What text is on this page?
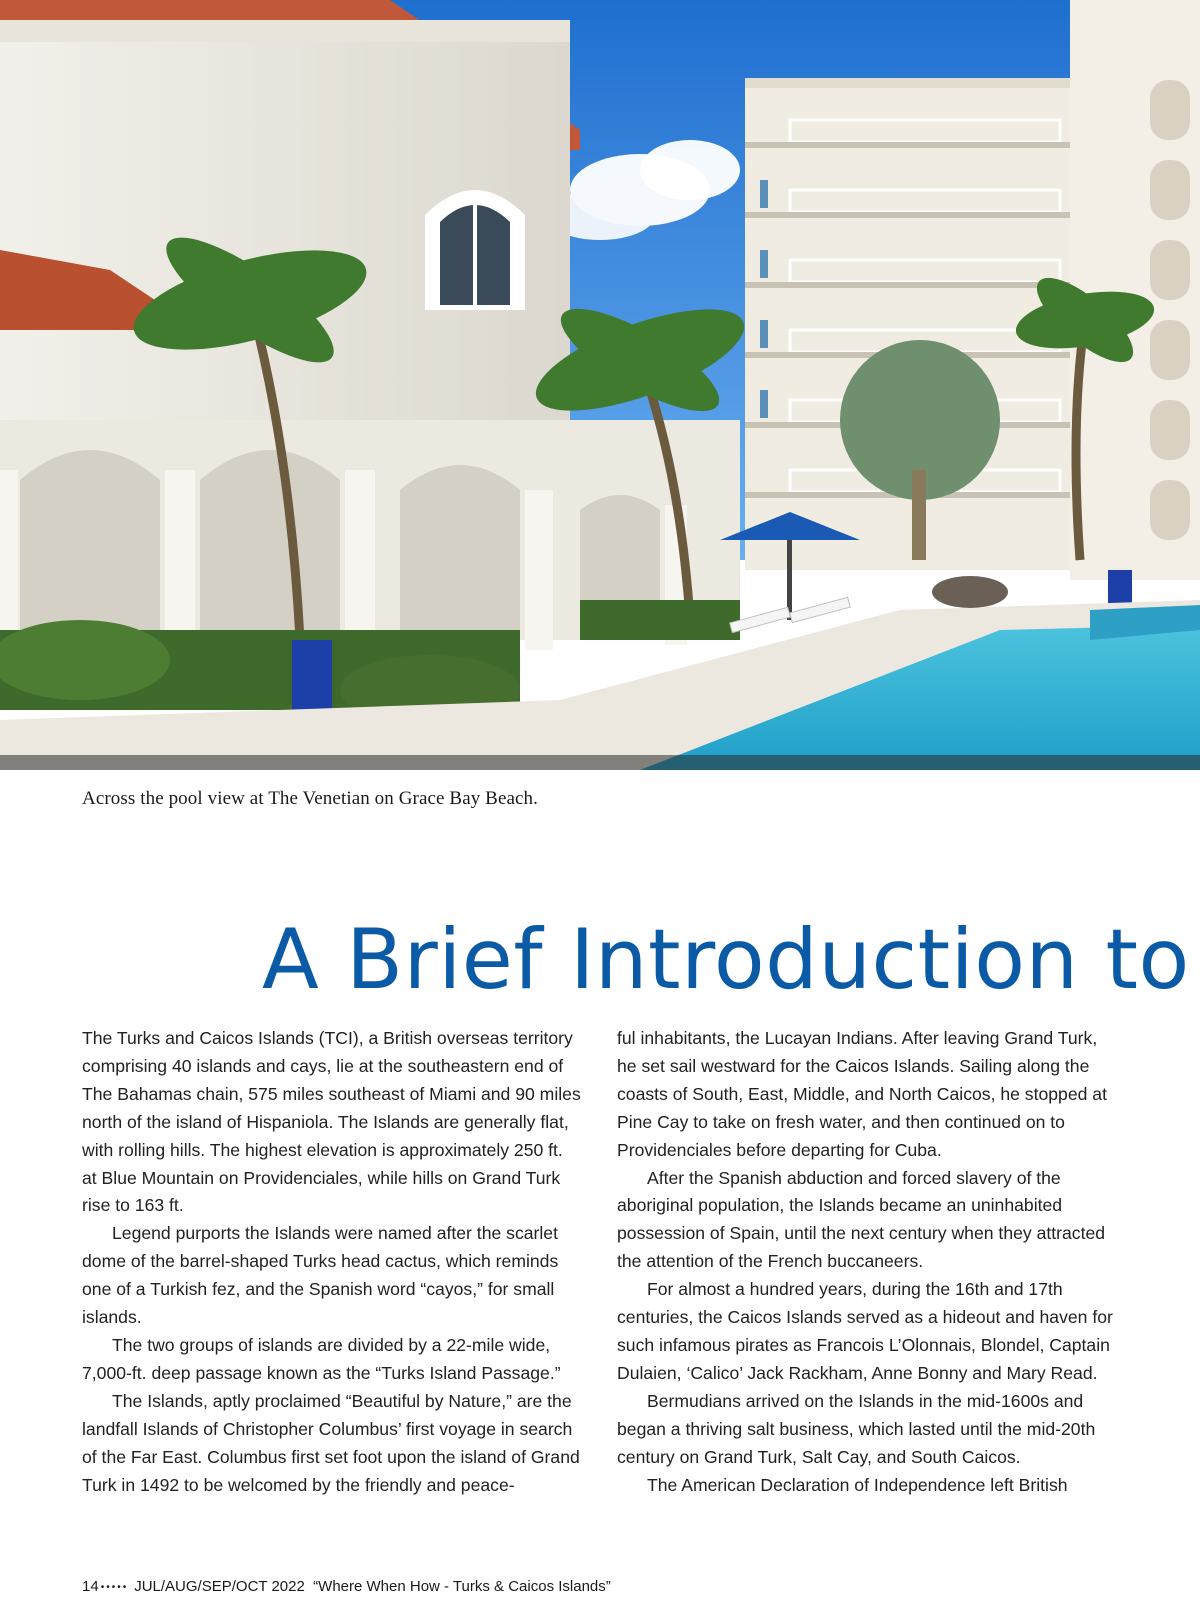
Across the pool view at The Venetian on Grace Bay Beach.
A Brief Introduction to

The Turks and Caicos Islands (TCI), a British overseas territory comprising 40 islands and cays, lie at the southeastern end of The Bahamas chain, 575 miles southeast of Miami and 90 miles north of the island of Hispaniola. The Islands are generally flat, with rolling hills. The highest elevation is approximately 250 ft. at Blue Mountain on Providenciales, while hills on Grand Turk rise to 163 ft.

Legend purports the Islands were named after the scarlet dome of the barrel-shaped Turks head cactus, which reminds one of a Turkish fez, and the Spanish word “cayos,” for small islands.

The two groups of islands are divided by a 22-mile wide, 7,000-ft. deep passage known as the “Turks Island Passage.”

The Islands, aptly proclaimed “Beautiful by Nature,” are the landfall Islands of Christopher Columbus’ first voyage in search of the Far East. Columbus first set foot upon the island of Grand Turk in 1492 to be welcomed by the friendly and peace-

ful inhabitants, the Lucayan Indians. After leaving Grand Turk, he set sail westward for the Caicos Islands. Sailing along the coasts of South, East, Middle, and North Caicos, he stopped at Pine Cay to take on fresh water, and then continued on to Providenciales before departing for Cuba.

After the Spanish abduction and forced slavery of the aboriginal population, the Islands became an uninhabited possession of Spain, until the next century when they attracted the attention of the French buccaneers.

For almost a hundred years, during the 16th and 17th centuries, the Caicos Islands served as a hideout and haven for such infamous pirates as Francois L’Olonnais, Blondel, Captain Dulaien, ‘Calico’ Jack Rackham, Anne Bonny and Mary Read.

Bermudians arrived on the Islands in the mid-1600s and began a thriving salt business, which lasted until the mid-20th century on Grand Turk, Salt Cay, and South Caicos.

The American Declaration of Independence left British

14 ••••• JUL/AUG/SEP/OCT 2022 “Where When How - Turks & Caicos Islands”
